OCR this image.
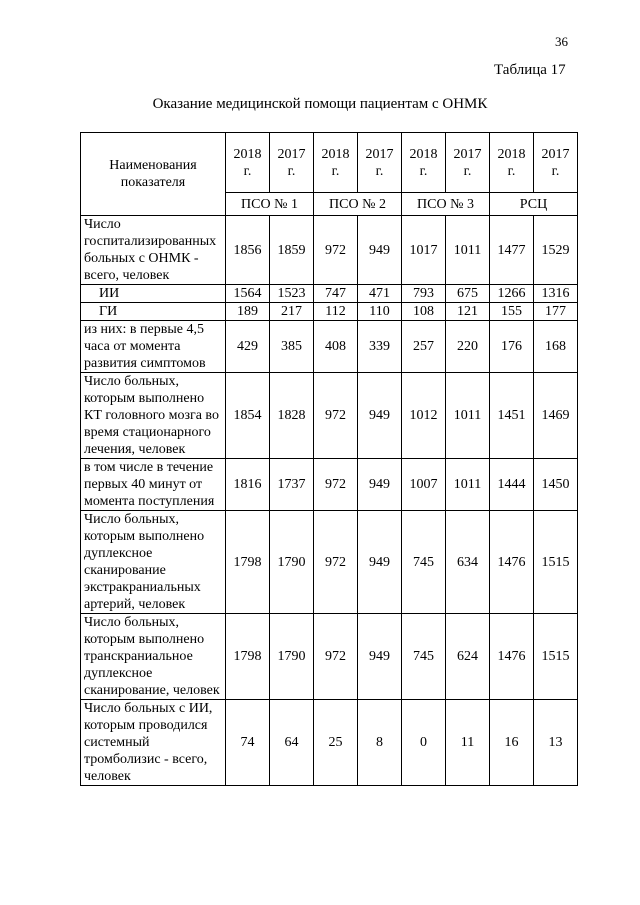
36
Таблица 17
Оказание медицинской помощи пациентам с ОНМК
Наименования показателя	2018 г.	2017 г.	2018 г.	2017 г.	2018 г.	2017 г.	2018 г.	2017 г.
	ПСО № 1		ПСО № 2		ПСО № 3		РСЦ	
Число госпитализированных больных с ОНМК - всего, человек	1856	1859	972	949	1017	1011	1477	1529
ИИ	1564	1523	747	471	793	675	1266	1316
ГИ	189	217	112	110	108	121	155	177
из них: в первые 4,5 часа от момента развития симптомов	429	385	408	339	257	220	176	168
Число больных, которым выполнено КТ головного мозга во время стационарного лечения, человек	1854	1828	972	949	1012	1011	1451	1469
в том числе в течение первых 40 минут от момента поступления	1816	1737	972	949	1007	1011	1444	1450
Число больных, которым выполнено дуплексное сканирование экстракраниальных артерий, человек	1798	1790	972	949	745	634	1476	1515
Число больных, которым выполнено транскраниальное дуплексное сканирование, человек	1798	1790	972	949	745	624	1476	1515
Число больных с ИИ, которым проводился системный тромболизис - всего, человек	74	64	25	8	0	11	16	13
